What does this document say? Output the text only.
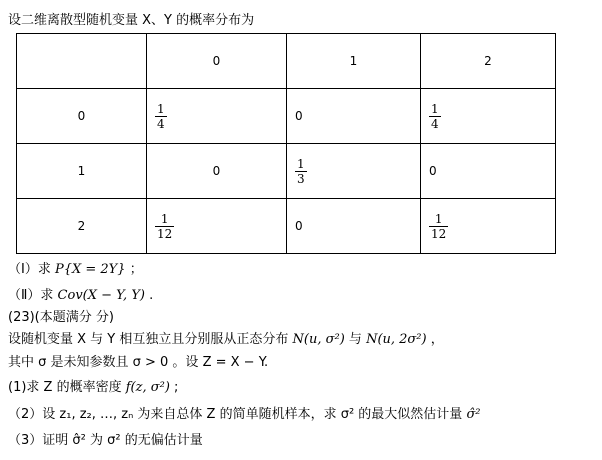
设二维离散型随机变量 X、Y 的概率分布为
	0	1	2
0	$\frac{1}{4}$	0	$\frac{1}{4}$

1	0	$\frac{1}{3}$	0
2	$\frac{1}{12}$	0	$\frac{1}{12}$
（Ⅰ）求 P{X = 2Y} ；
（Ⅱ）求 Cov(X − Y, Y) .
(23)(本题满分 分)
设随机变量 X 与 Y 相互独立且分别服从正态分布 N(u, σ²) 与 N(u, 2σ²) ，
其中 σ 是未知参数且 σ > 0 。设 Z = X − Y.
(1)求 Z 的概率密度 f(z, σ²) ;
（2）设 z₁, z₂, …, zₙ 为来自总体 Z 的简单随机样本，求 σ² 的最大似然估计量 σ̂²
（3）证明 σ̂² 为 σ² 的无偏估计量
